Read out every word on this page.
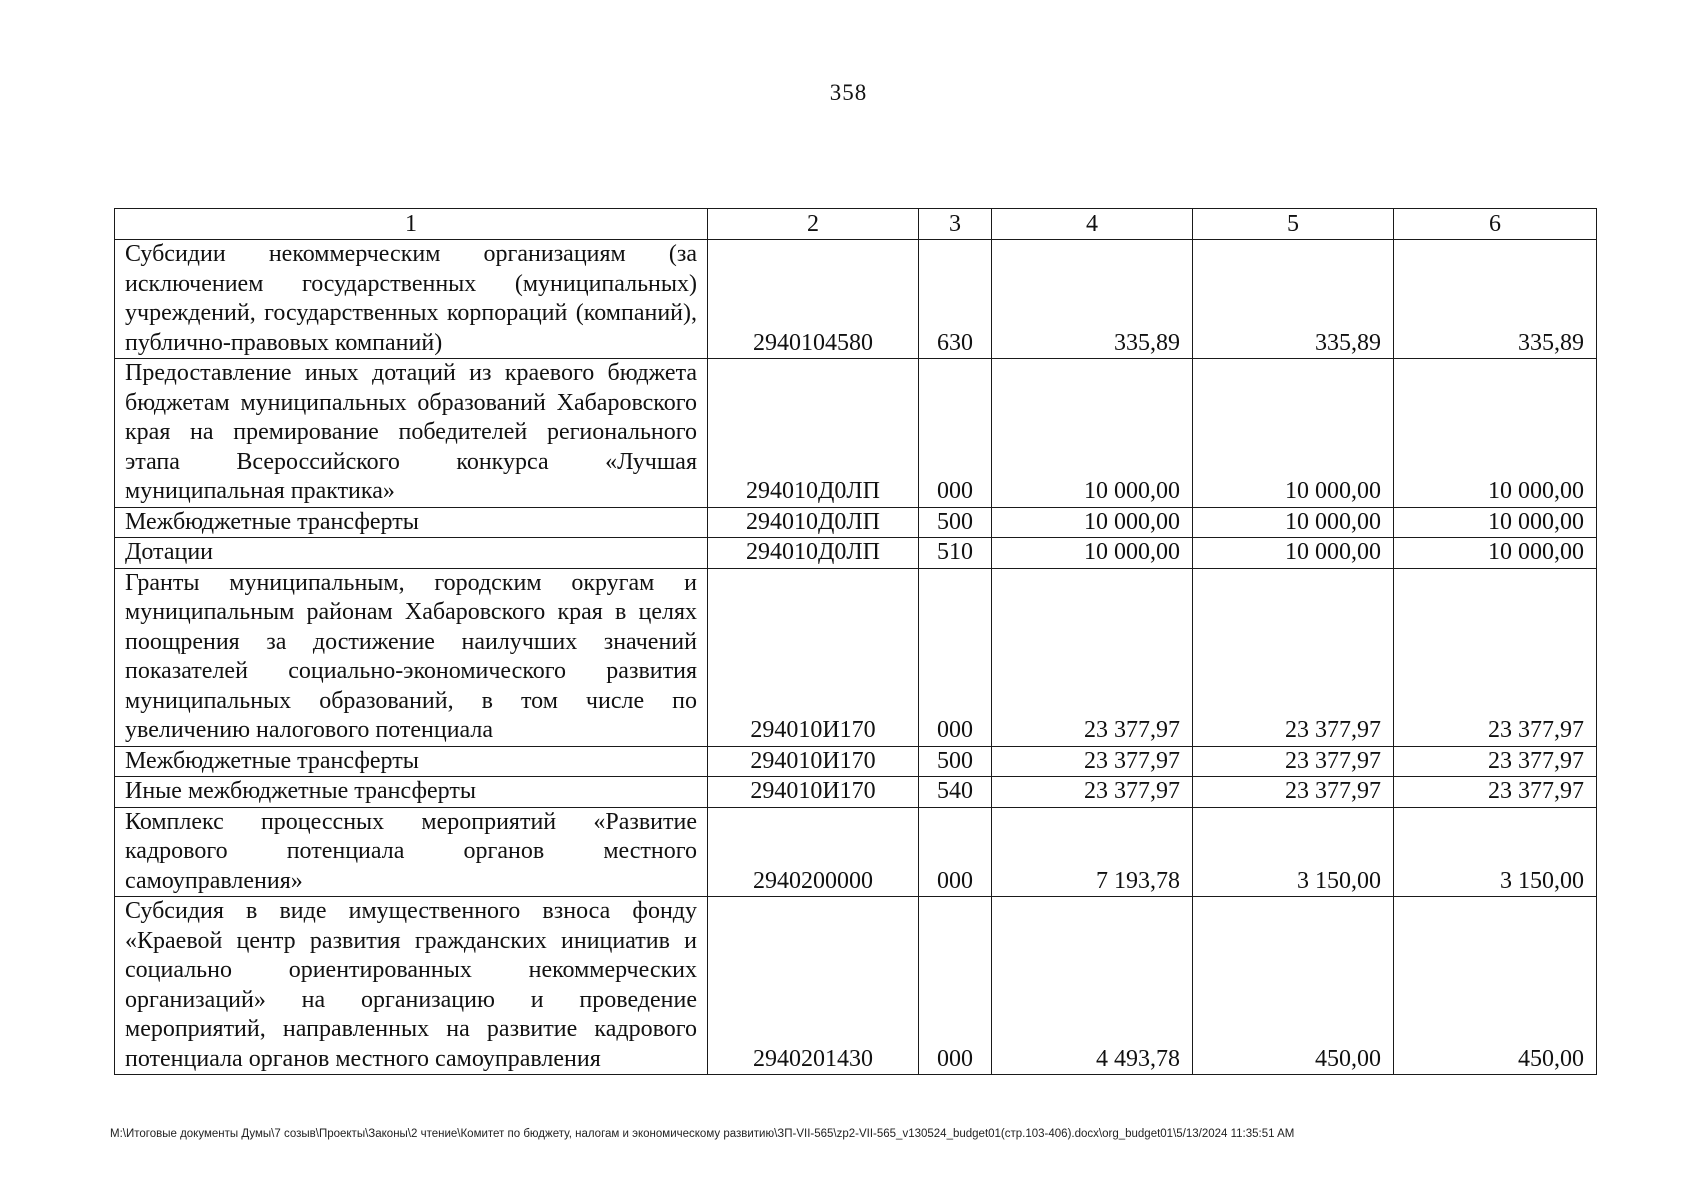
358
1	2	3	4	5	6
Субсидии некоммерческим организациям (за исключением государственных (муниципальных) учреждений, государственных корпораций (компаний), публично-правовых компаний)	2940104580	630	335,89	335,89	335,89
Предоставление иных дотаций из краевого бюджета бюджетам муниципальных образований Хабаровского края на премирование победителей регионального этапа Всероссийского конкурса «Лучшая муниципальная практика»	294010Д0ЛП	000	10 000,00	10 000,00	10 000,00
Межбюджетные трансферты	294010Д0ЛП	500	10 000,00	10 000,00	10 000,00
Дотации	294010Д0ЛП	510	10 000,00	10 000,00	10 000,00
Гранты муниципальным, городским округам и муниципальным районам Хабаровского края в целях поощрения за достижение наилучших значений показателей социально-экономического развития муниципальных образований, в том числе по увеличению налогового потенциала	294010И170	000	23 377,97	23 377,97	23 377,97
Межбюджетные трансферты	294010И170	500	23 377,97	23 377,97	23 377,97
Иные межбюджетные трансферты	294010И170	540	23 377,97	23 377,97	23 377,97
Комплекс процессных мероприятий «Развитие кадрового потенциала органов местного самоуправления»	2940200000	000	7 193,78	3 150,00	3 150,00
Субсидия в виде имущественного взноса фонду «Краевой центр развития гражданских инициатив и социально ориентированных некоммерческих организаций» на организацию и проведение мероприятий, направленных на развитие кадрового потенциала органов местного самоуправления	2940201430	000	4 493,78	450,00	450,00
M:\Итоговые документы Думы\7 созыв\Проекты\Законы\2 чтение\Комитет по бюджету, налогам и экономическому развитию\ЗП-VII-565\zp2-VII-565_v130524_budget01(стр.103-406).docx\org_budget01\5/13/2024 11:35:51 AM
